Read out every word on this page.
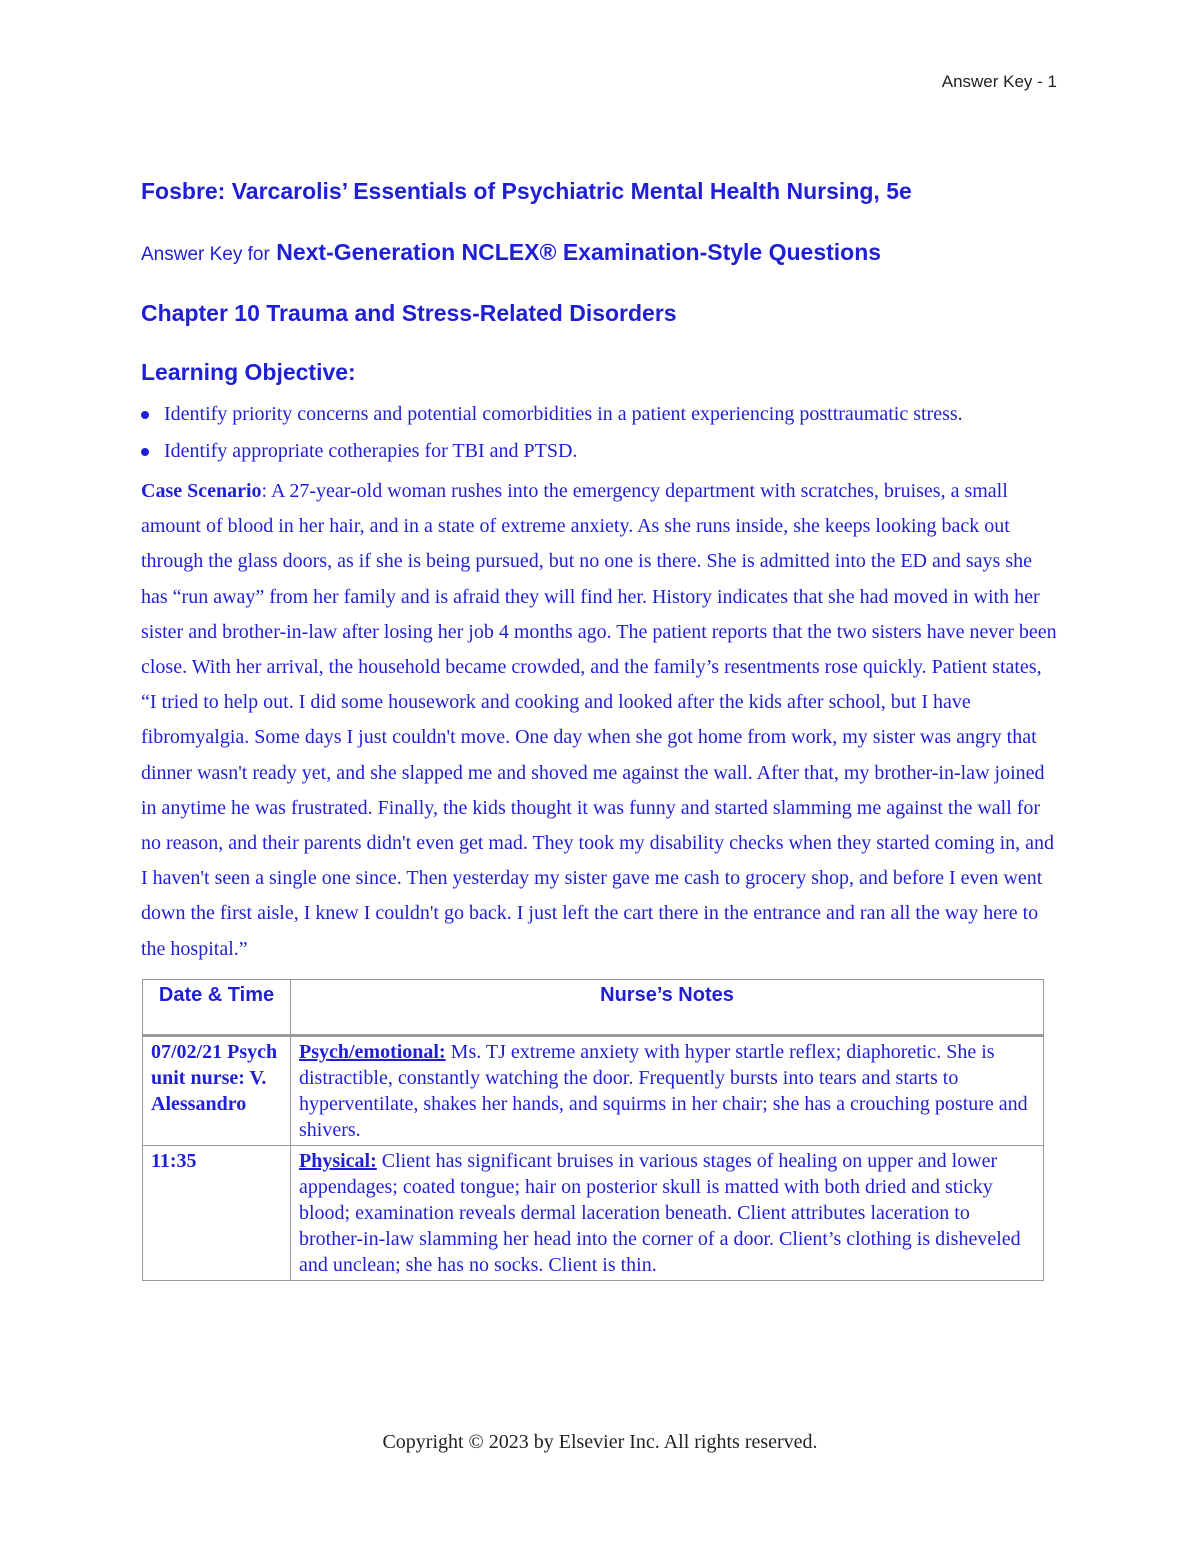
Answer Key - 1
Fosbre: Varcarolis’ Essentials of Psychiatric Mental Health Nursing, 5e
Answer Key for Next-Generation NCLEX® Examination-Style Questions
Chapter 10 Trauma and Stress-Related Disorders
Learning Objective:
Identify priority concerns and potential comorbidities in a patient experiencing posttraumatic stress.
Identify appropriate cotherapies for TBI and PTSD.
Case Scenario: A 27-year-old woman rushes into the emergency department with scratches, bruises, a small amount of blood in her hair, and in a state of extreme anxiety. As she runs inside, she keeps looking back out through the glass doors, as if she is being pursued, but no one is there. She is admitted into the ED and says she has “run away” from her family and is afraid they will find her. History indicates that she had moved in with her sister and brother-in-law after losing her job 4 months ago. The patient reports that the two sisters have never been close. With her arrival, the household became crowded, and the family’s resentments rose quickly. Patient states, “I tried to help out. I did some housework and cooking and looked after the kids after school, but I have fibromyalgia. Some days I just couldn't move. One day when she got home from work, my sister was angry that dinner wasn't ready yet, and she slapped me and shoved me against the wall. After that, my brother-in-law joined in anytime he was frustrated. Finally, the kids thought it was funny and started slamming me against the wall for no reason, and their parents didn't even get mad. They took my disability checks when they started coming in, and I haven't seen a single one since. Then yesterday my sister gave me cash to grocery shop, and before I even went down the first aisle, I knew I couldn't go back. I just left the cart there in the entrance and ran all the way here to the hospital.”
Date & Time	Nurse’s Notes
07/02/21 Psych unit nurse: V. Alessandro	Psych/emotional: Ms. TJ extreme anxiety with hyper startle reflex; diaphoretic. She is distractible, constantly watching the door. Frequently bursts into tears and starts to hyperventilate, shakes her hands, and squirms in her chair; she has a crouching posture and shivers.
11:35	Physical: Client has significant bruises in various stages of healing on upper and lower appendages; coated tongue; hair on posterior skull is matted with both dried and sticky blood; examination reveals dermal laceration beneath. Client attributes laceration to brother-in-law slamming her head into the corner of a door. Client’s clothing is disheveled and unclean; she has no socks. Client is thin.
Copyright © 2023 by Elsevier Inc. All rights reserved.
